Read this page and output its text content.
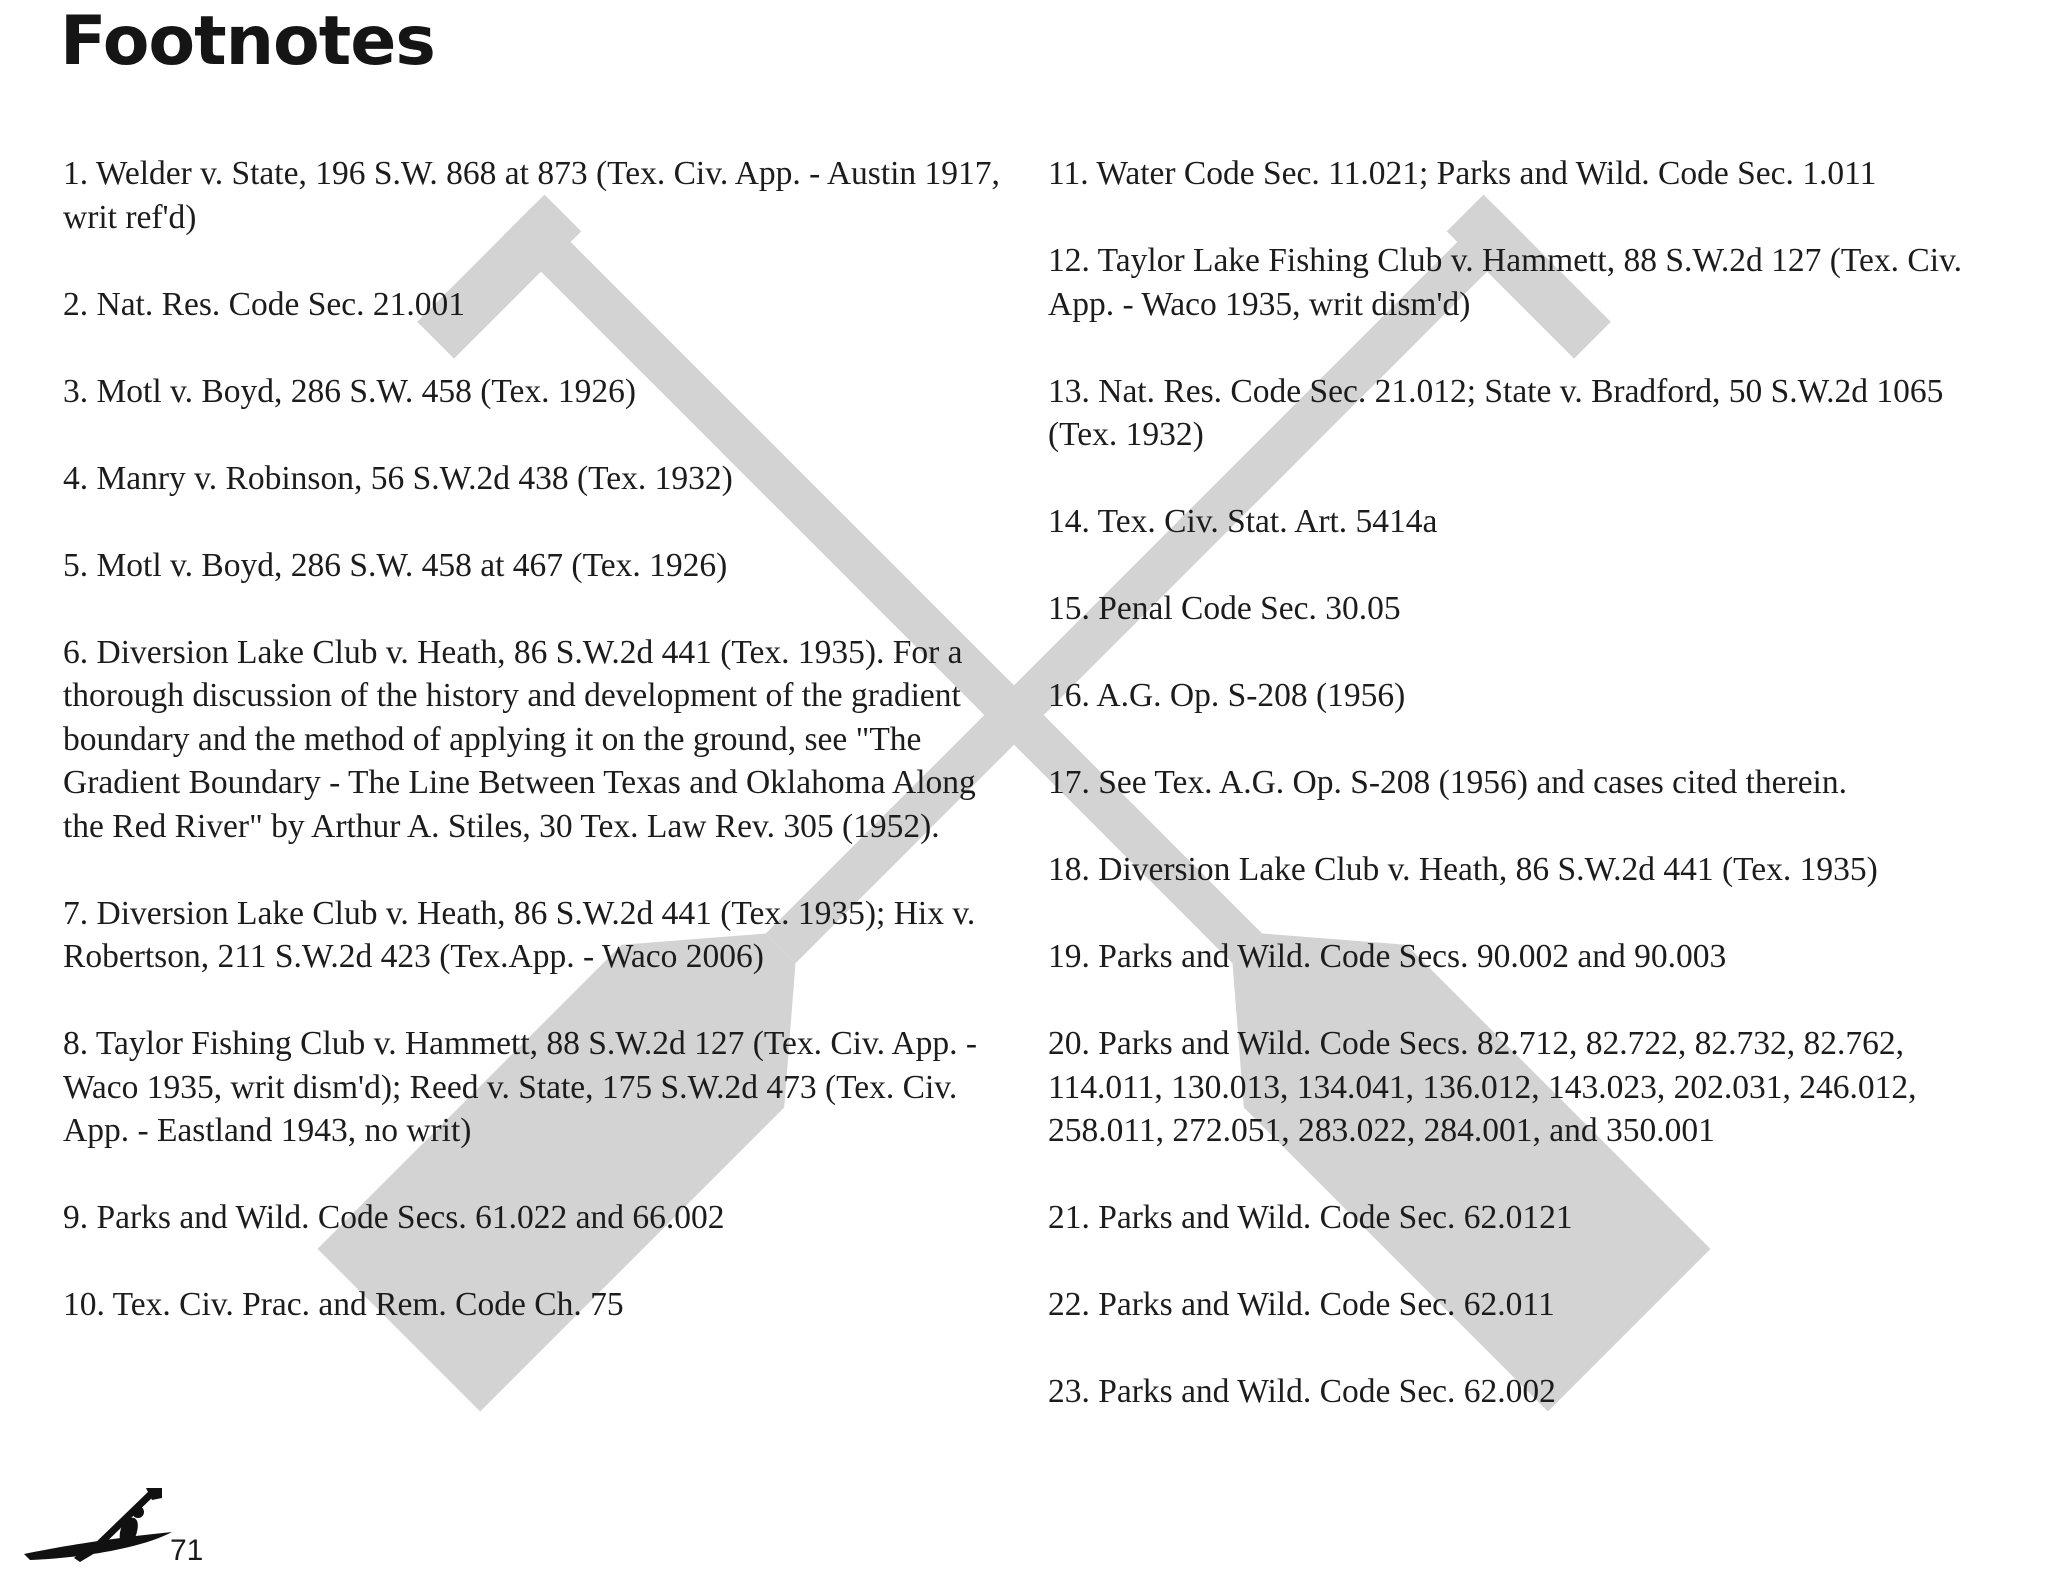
Footnotes

1. Welder v. State, 196 S.W. 868 at 873 (Tex. Civ. App. - Austin 1917, writ ref'd)

2. Nat. Res. Code Sec. 21.001

3. Motl v. Boyd, 286 S.W. 458 (Tex. 1926)

4. Manry v. Robinson, 56 S.W.2d 438 (Tex. 1932)

5. Motl v. Boyd, 286 S.W. 458 at 467 (Tex. 1926)

6. Diversion Lake Club v. Heath, 86 S.W.2d 441 (Tex. 1935). For a thorough discussion of the history and development of the gradient boundary and the method of applying it on the ground, see "The Gradient Boundary - The Line Between Texas and Oklahoma Along the Red River" by Arthur A. Stiles, 30 Tex. Law Rev. 305 (1952).

7. Diversion Lake Club v. Heath, 86 S.W.2d 441 (Tex. 1935); Hix v. Robertson, 211 S.W.2d 423 (Tex.App. - Waco 2006)

8. Taylor Fishing Club v. Hammett, 88 S.W.2d 127 (Tex. Civ. App. - Waco 1935, writ dism'd); Reed v. State, 175 S.W.2d 473 (Tex. Civ. App. - Eastland 1943, no writ)

9. Parks and Wild. Code Secs. 61.022 and 66.002

10. Tex. Civ. Prac. and Rem. Code Ch. 75

11. Water Code Sec. 11.021; Parks and Wild. Code Sec. 1.011

12. Taylor Lake Fishing Club v. Hammett, 88 S.W.2d 127 (Tex. Civ. App. - Waco 1935, writ dism'd)

13. Nat. Res. Code Sec. 21.012; State v. Bradford, 50 S.W.2d 1065 (Tex. 1932)

14. Tex. Civ. Stat. Art. 5414a

15. Penal Code Sec. 30.05

16. A.G. Op. S-208 (1956)

17. See Tex. A.G. Op. S-208 (1956) and cases cited therein.

18. Diversion Lake Club v. Heath, 86 S.W.2d 441 (Tex. 1935)

19. Parks and Wild. Code Secs. 90.002 and 90.003

20. Parks and Wild. Code Secs. 82.712, 82.722, 82.732, 82.762, 114.011, 130.013, 134.041, 136.012, 143.023, 202.031, 246.012, 258.011, 272.051, 283.022, 284.001, and 350.001

21. Parks and Wild. Code Sec. 62.0121

22. Parks and Wild. Code Sec. 62.011

23. Parks and Wild. Code Sec. 62.002

71
